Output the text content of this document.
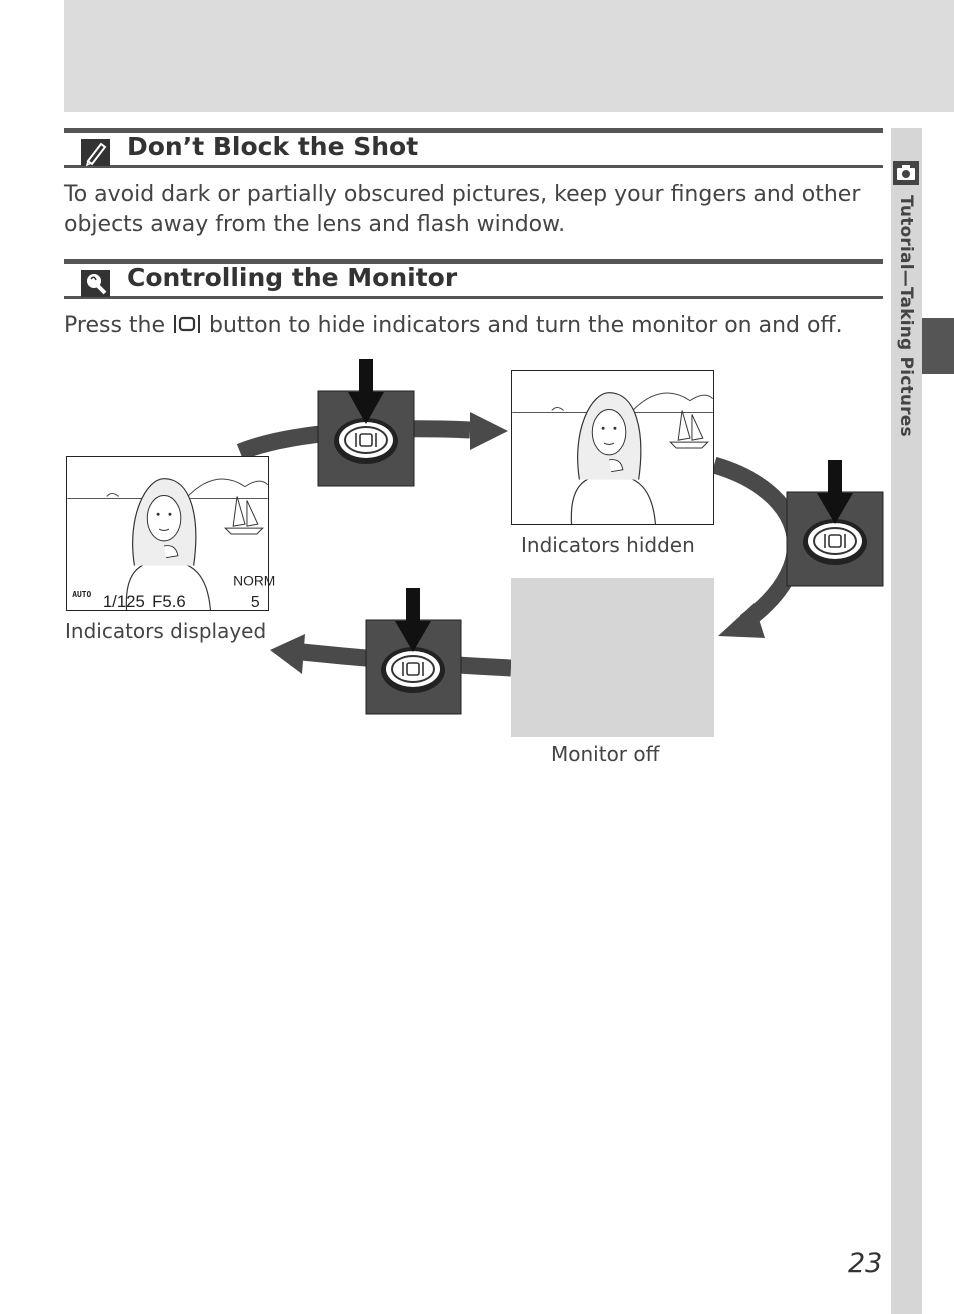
Tutorial—Taking Pictures
Don’t Block the Shot
To avoid dark or partially obscured pictures, keep your fingers and other objects away from the lens and flash window.
Controlling the Monitor
Press the button to hide indicators and turn the monitor on and off.
AUTO 1/125 F5.6
NORM
5
Indicators displayed
Indicators hidden
Monitor off
23
